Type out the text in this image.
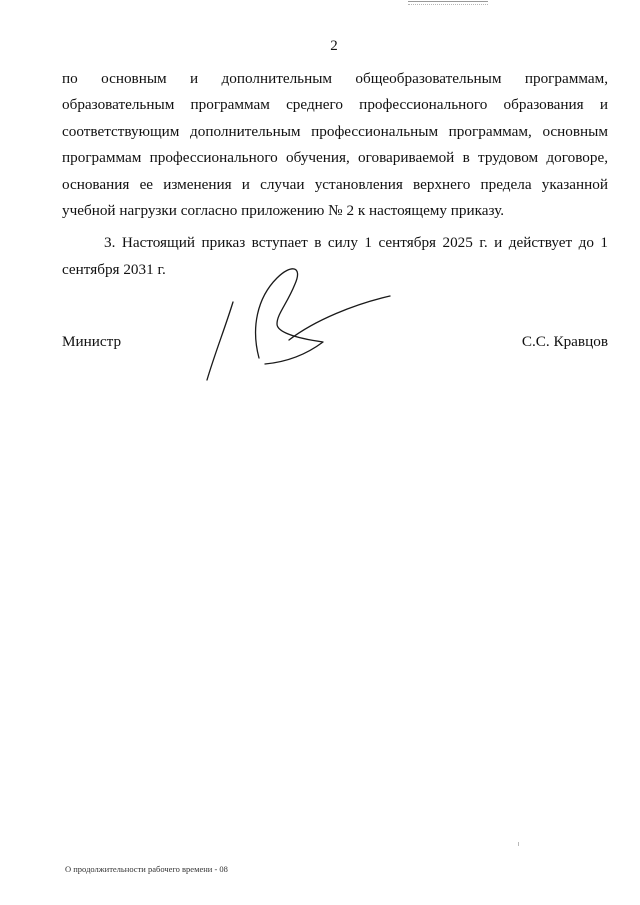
2

по основным и дополнительным общеобразовательным программам, образовательным программам среднего профессионального образования и соответствующим дополнительным профессиональным программам, основным программам профессионального обучения, оговариваемой в трудовом договоре, основания ее изменения и случаи установления верхнего предела указанной учебной нагрузки согласно приложению № 2 к настоящему приказу.

3. Настоящий приказ вступает в силу 1 сентября 2025 г. и действует до 1 сентября 2031 г.

Министр	С.С. Кравцов
О продолжительности рабочего времени - 08
